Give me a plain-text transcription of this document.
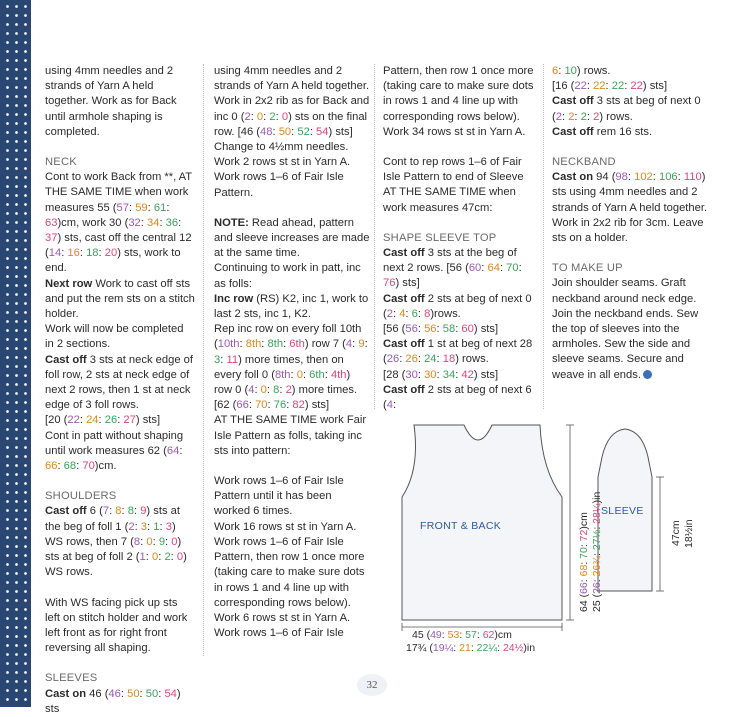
using 4mm needles and 2 strands of Yarn A held together. Work as for Back until armhole shaping is completed.

NECK

Cont to work Back from **, AT THE SAME TIME when work measures 55 (57: 59: 61: 63)cm, work 30 (32: 34: 36: 37) sts, cast off the central 12 (14: 16: 18: 20) sts, work to end.

Next row Work to cast off sts and put the rem sts on a stitch holder.

Work will now be completed in 2 sections.

Cast off 3 sts at neck edge of foll row, 2 sts at neck edge of next 2 rows, then 1 st at neck edge of 3 foll rows.

[20 (22: 24: 26: 27) sts]

Cont in patt without shaping until work measures 62 (64: 66: 68: 70)cm.

SHOULDERS

Cast off 6 (7: 8: 8: 9) sts at the beg of foll 1 (2: 3: 1: 3) WS rows, then 7 (8: 0: 9: 0) sts at beg of foll 2 (1: 0: 2: 0) WS rows.

With WS facing pick up sts left on stitch holder and work left front as for right front reversing all shaping.

SLEEVES

Cast on 46 (46: 50: 50: 54) sts

using 4mm needles and 2 strands of Yarn A held together.

Work in 2x2 rib as for Back and inc 0 (2: 0: 2: 0) sts on the final row. [46 (48: 50: 52: 54) sts]

Change to 4½mm needles.

Work 2 rows st st in Yarn A.

Work rows 1–6 of Fair Isle Pattern.

NOTE: Read ahead, pattern and sleeve increases are made at the same time.

Continuing to work in patt, inc as folls:

Inc row (RS) K2, inc 1, work to last 2 sts, inc 1, K2.

Rep inc row on every foll 10th (10th: 8th: 8th: 6th) row 7 (4: 9: 3: 11) more times, then on every foll 0 (8th: 0: 6th: 4th) row 0 (4: 0: 8: 2) more times.

[62 (66: 70: 76: 82) sts]

AT THE SAME TIME work Fair Isle Pattern as folls, taking inc sts into pattern:

Work rows 1–6 of Fair Isle Pattern until it has been worked 6 times.

Work 16 rows st st in Yarn A.

Work rows 1–6 of Fair Isle Pattern, then row 1 once more (taking care to make sure dots in rows 1 and 4 line up with corresponding rows below).

Work 6 rows st st in Yarn A.

Work rows 1–6 of Fair Isle

Pattern, then row 1 once more (taking care to make sure dots in rows 1 and 4 line up with corresponding rows below). Work 34 rows st st in Yarn A.

Cont to rep rows 1–6 of Fair Isle Pattern to end of Sleeve AT THE SAME TIME when work measures 47cm:

SHAPE SLEEVE TOP

Cast off 3 sts at the beg of next 2 rows. [56 (60: 64: 70: 76) sts]

Cast off 2 sts at beg of next 0 (2: 4: 6: 8)rows.

[56 (56: 56: 58: 60) sts]

Cast off 1 st at beg of next 28 (26: 26: 24: 18) rows.

[28 (30: 30: 34: 42) sts]

Cast off 2 sts at beg of next 6 (4:

6: 10) rows.

[16 (22: 22: 22: 22) sts]

Cast off 3 sts at beg of next 0 (2: 2: 2: 2) rows.

Cast off rem 16 sts.

NECKBAND

Cast on 94 (98: 102: 106: 110) sts using 4mm needles and 2 strands of Yarn A held together. Work in 2x2 rib for 3cm. Leave sts on a holder.

TO MAKE UP

Join shoulder seams. Graft neckband around neck edge. Join the neckband ends. Sew the top of sleeves into the armholes. Sew the side and sleeve seams. Secure and weave in all ends.

FRONT & BACK
SLEEVE
45 (49: 53: 57: 62)cm
17¾ (19¼: 21: 22¼: 24½)in
64 (66: 68: 70: 72)cm
25 (26: 26¾: 27½: 28¼)in
47cm 18½in
32
